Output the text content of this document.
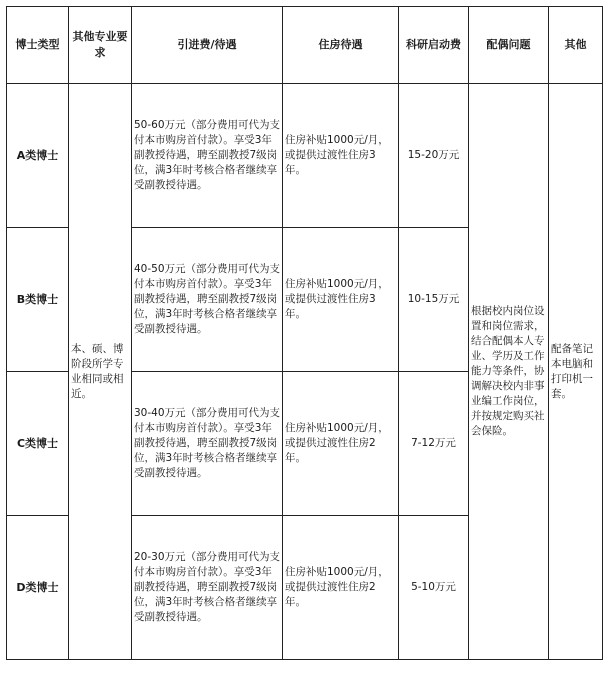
博士类型	其他专业要求	引进费/待遇	住房待遇	科研启动费	配偶问题	其他
A类博士	本、硕、博阶段所学专业相同或相近。	50-60万元（部分费用可代为支付本市购房首付款）。享受3年副教授待遇，聘至副教授7级岗位，满3年时考核合格者继续享受副教授待遇。	住房补贴1000元/月，或提供过渡性住房3年。	15-20万元	根据校内岗位设置和岗位需求，结合配偶本人专业、学历及工作能力等条件，协调解决校内非事业编工作岗位，并按规定购买社会保险。	配备笔记本电脑和打印机一套。
B类博士		40-50万元（部分费用可代为支付本市购房首付款）。享受3年副教授待遇，聘至副教授7级岗位，满3年时考核合格者继续享受副教授待遇。	住房补贴1000元/月，或提供过渡性住房3年。	10-15万元		
C类博士		30-40万元（部分费用可代为支付本市购房首付款）。享受3年副教授待遇，聘至副教授7级岗位，满3年时考核合格者继续享受副教授待遇。	住房补贴1000元/月，或提供过渡性住房2年。	7-12万元		
D类博士		20-30万元（部分费用可代为支付本市购房首付款）。享受3年副教授待遇，聘至副教授7级岗位，满3年时考核合格者继续享受副教授待遇。	住房补贴1000元/月，或提供过渡性住房2年。	5-10万元		
